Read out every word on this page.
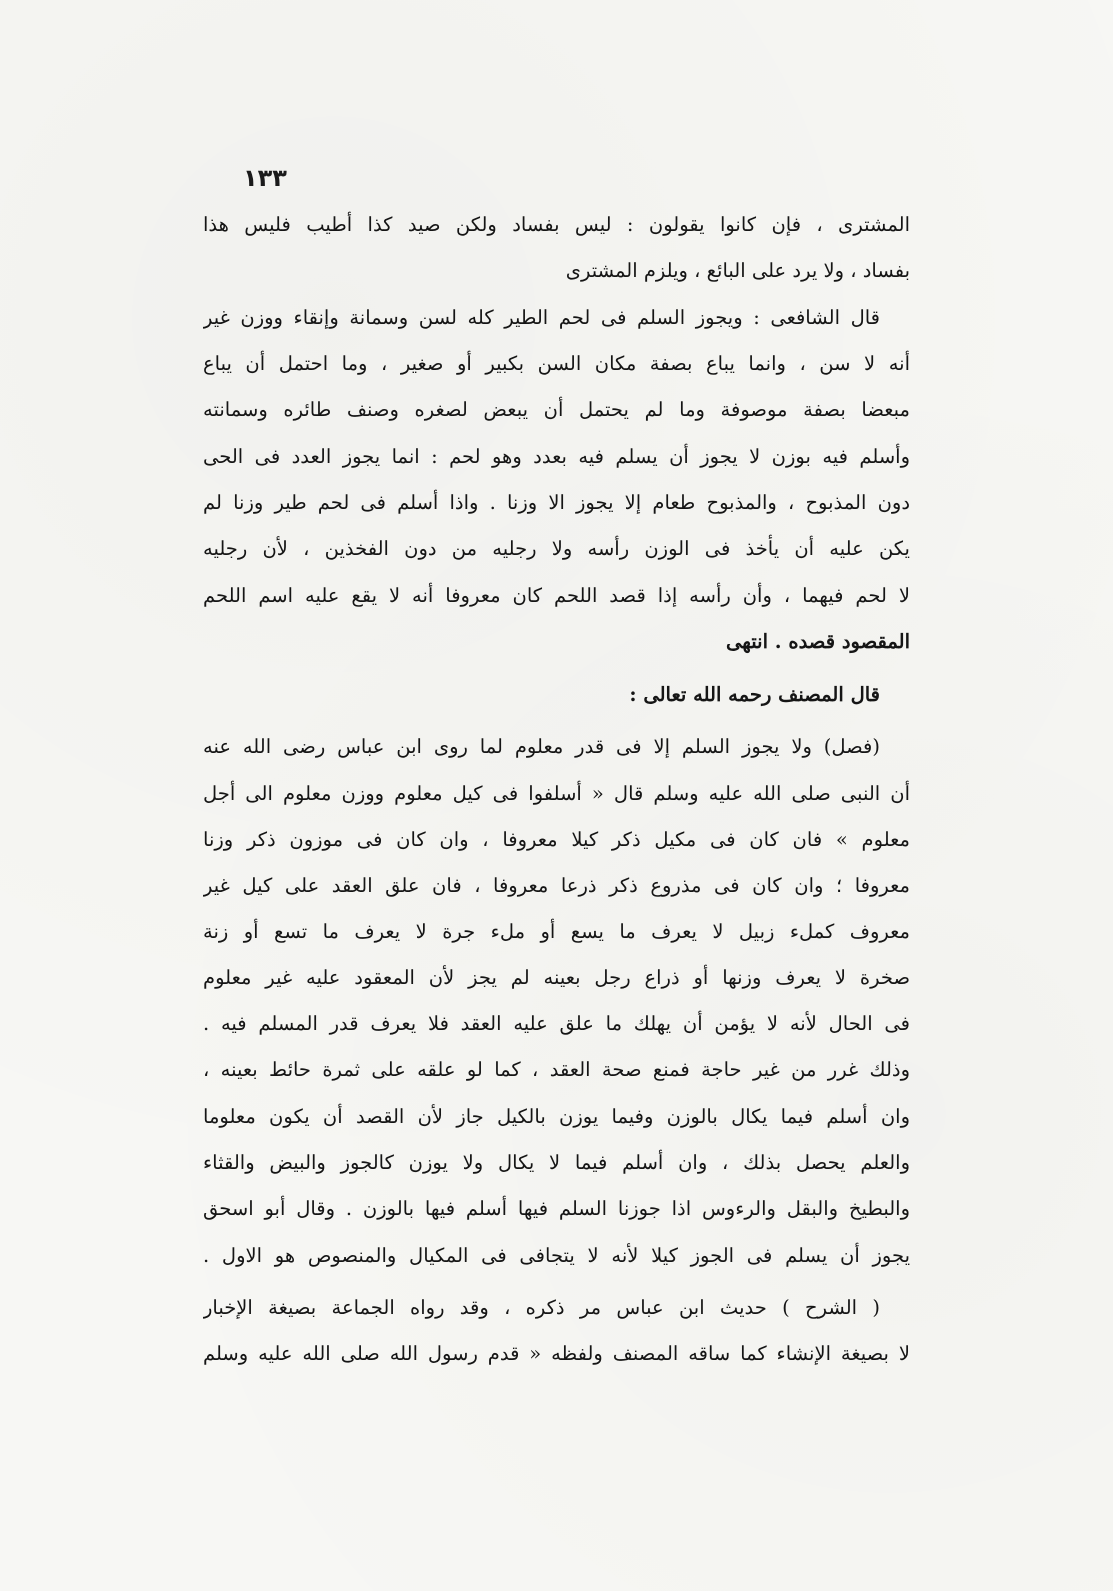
١٣٣
المشترى ، فإن كانوا يقولون : ليس بفساد ولكن صيد كذا أطيب فليس هذا
بفساد ، ولا يرد على البائع ، ويلزم المشترى
قال الشافعى : ويجوز السلم فى لحم الطير كله لسن وسمانة وإنقاء ووزن غير
أنه لا سن ، وانما يباع بصفة مكان السن بكبير أو صغير ، وما احتمل أن يباع
مبعضا بصفة موصوفة وما لم يحتمل أن يبعض لصغره وصنف طائره وسمانته
وأسلم فيه بوزن لا يجوز أن يسلم فيه بعدد وهو لحم : انما يجوز العدد فى الحى
دون المذبوح ، والمذبوح طعام إلا يجوز الا وزنا . واذا أسلم فى لحم طير وزنا لم
يكن عليه أن يأخذ فى الوزن رأسه ولا رجليه من دون الفخذين ، لأن رجليه
لا لحم فيهما ، وأن رأسه إذا قصد اللحم كان معروفا أنه لا يقع عليه اسم اللحم
المقصود قصده . انتهى
قال المصنف رحمه الله تعالى :
(فصل) ولا يجوز السلم إلا فى قدر معلوم لما روى ابن عباس رضى الله عنه
أن النبى صلى الله عليه وسلم قال « أسلفوا فى كيل معلوم ووزن معلوم الى أجل
معلوم » فان كان فى مكيل ذكر كيلا معروفا ، وان كان فى موزون ذكر وزنا
معروفا ؛ وان كان فى مذروع ذكر ذرعا معروفا ، فان علق العقد على كيل غير
معروف كملء زبيل لا يعرف ما يسع أو ملء جرة لا يعرف ما تسع أو زنة
صخرة لا يعرف وزنها أو ذراع رجل بعينه لم يجز لأن المعقود عليه غير معلوم
فى الحال لأنه لا يؤمن أن يهلك ما علق عليه العقد فلا يعرف قدر المسلم فيه .
وذلك غرر من غير حاجة فمنع صحة العقد ، كما لو علقه على ثمرة حائط بعينه ،
وان أسلم فيما يكال بالوزن وفيما يوزن بالكيل جاز لأن القصد أن يكون معلوما
والعلم يحصل بذلك ، وان أسلم فيما لا يكال ولا يوزن كالجوز والبيض والقثاء
والبطيخ والبقل والرءوس اذا جوزنا السلم فيها أسلم فيها بالوزن . وقال أبو اسحق
يجوز أن يسلم فى الجوز كيلا لأنه لا يتجافى فى المكيال والمنصوص هو الاول .
( الشرح ) حديث ابن عباس مر ذكره ، وقد رواه الجماعة بصيغة الإخبار
لا بصيغة الإنشاء كما ساقه المصنف ولفظه « قدم رسول الله صلى الله عليه وسلم
